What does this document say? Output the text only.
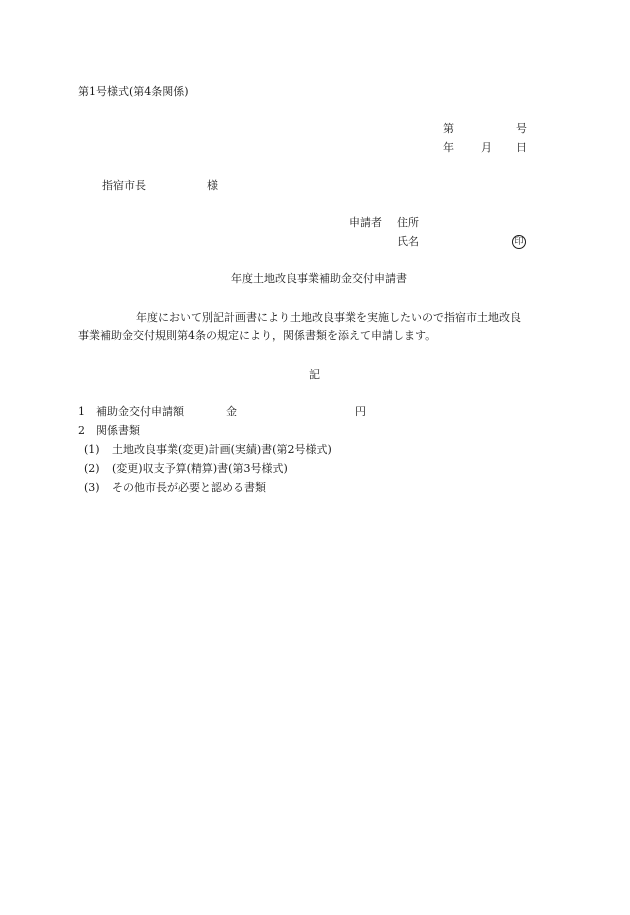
第1号様式(第4条関係)
第	号
年 月 日
指宿市長	様
申請者 住所
氏名	印
年度土地改良事業補助金交付申請書
年度において別記計画書により土地改良事業を実施したいので指宿市土地改良
事業補助金交付規則第4条の規定により，関係書類を添えて申請します。
記
1 補助金交付申請額	金	円
2 関係書類
(1) 土地改良事業(変更)計画(実績)書(第2号様式)
(2) (変更)収支予算(精算)書(第3号様式)
(3) その他市長が必要と認める書類
